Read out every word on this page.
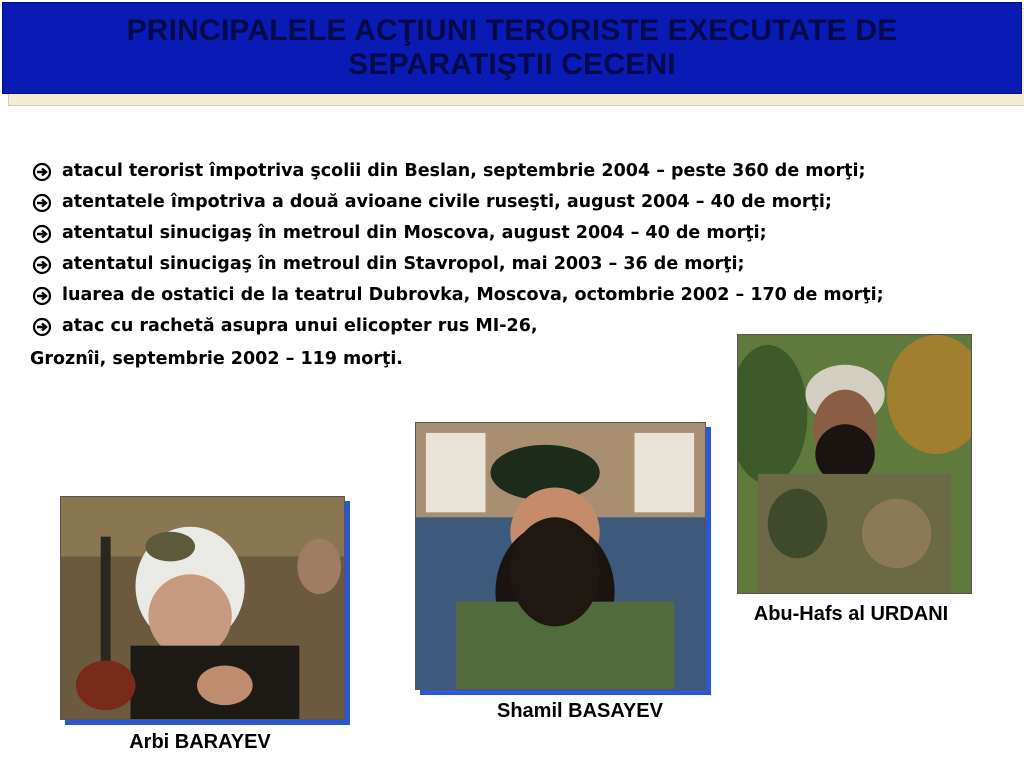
PRINCIPALELE ACŢIUNI TERORISTE EXECUTATE DE SEPARATIŞTII CECENI
atacul terorist împotriva şcolii din Beslan, septembrie 2004 – peste 360 de morţi;
atentatele împotriva a două avioane civile ruseşti, august 2004 – 40 de morţi;
atentatul sinucigaş în metroul din Moscova, august 2004 – 40 de morţi;
atentatul sinucigaş în metroul din Stavropol, mai 2003 – 36 de morţi;
luarea de ostatici de la teatrul Dubrovka, Moscova, octombrie 2002 – 170 de morţi;
atac cu rachetă asupra unui elicopter rus MI-26,
Groznîi, septembrie 2002 – 119 morţi.
Arbi BARAYEV
Shamil BASAYEV
Abu-Hafs al URDANI
